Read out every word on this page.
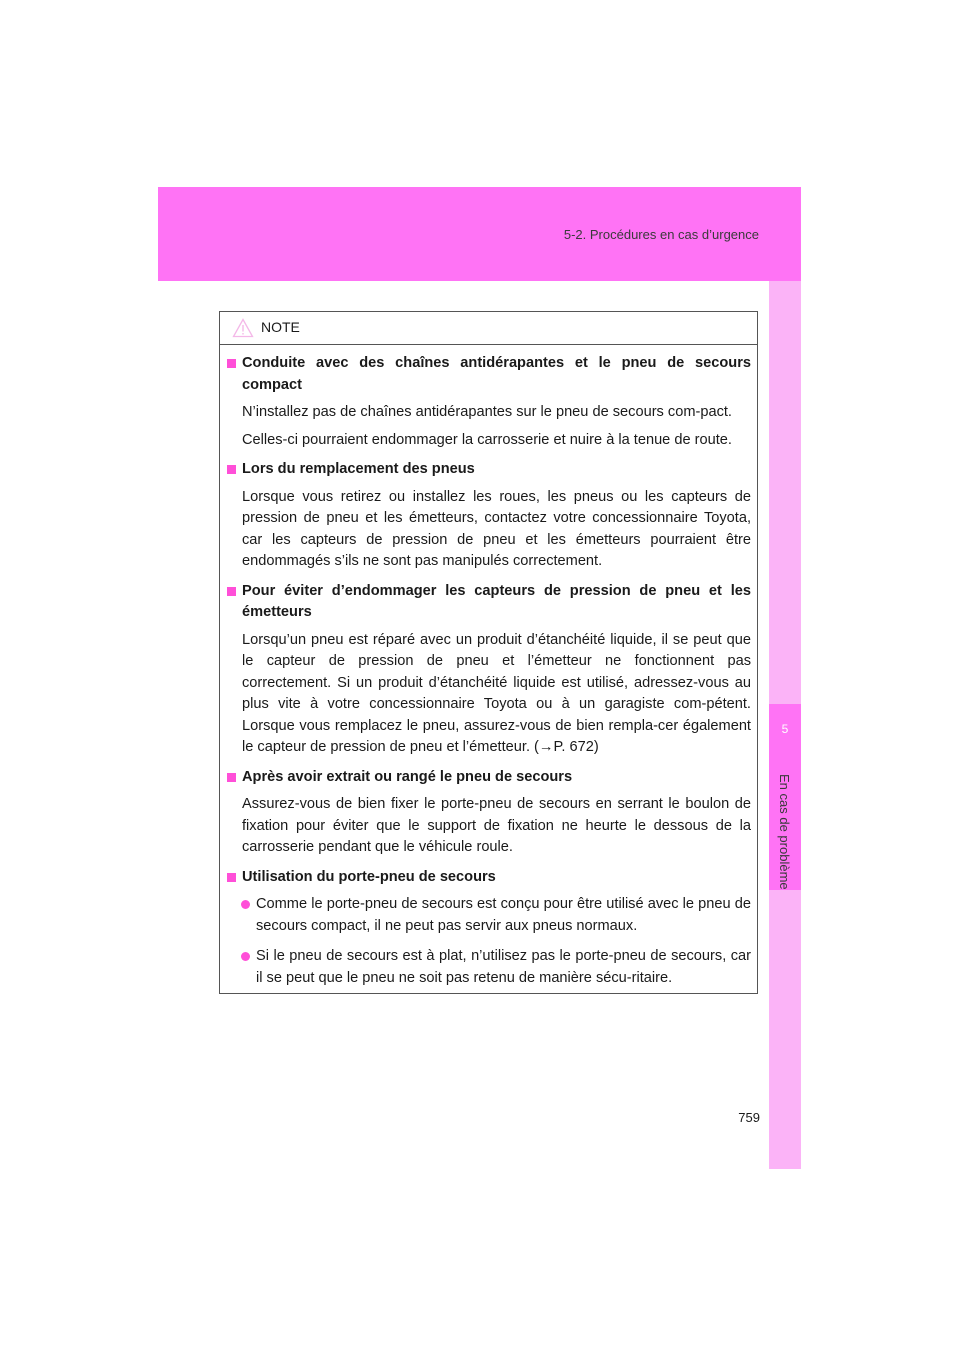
5-2. Procédures en cas d’urgence
5
En cas de problème
NOTE
Conduite avec des chaînes antidérapantes et le pneu de secours compact
N’installez pas de chaînes antidérapantes sur le pneu de secours com-pact.
Celles-ci pourraient endommager la carrosserie et nuire à la tenue de route.
Lors du remplacement des pneus
Lorsque vous retirez ou installez les roues, les pneus ou les capteurs de pression de pneu et les émetteurs, contactez votre concessionnaire Toyota, car les capteurs de pression de pneu et les émetteurs pourraient être endommagés s’ils ne sont pas manipulés correctement.
Pour éviter d’endommager les capteurs de pression de pneu et les émetteurs
Lorsqu’un pneu est réparé avec un produit d’étanchéité liquide, il se peut que le capteur de pression de pneu et l’émetteur ne fonctionnent pas correctement. Si un produit d’étanchéité liquide est utilisé, adressez-vous au plus vite à votre concessionnaire Toyota ou à un garagiste com-pétent. Lorsque vous remplacez le pneu, assurez-vous de bien rempla-cer également le capteur de pression de pneu et l’émetteur. (→P. 672)
Après avoir extrait ou rangé le pneu de secours
Assurez-vous de bien fixer le porte-pneu de secours en serrant le boulon de fixation pour éviter que le support de fixation ne heurte le dessous de la carrosserie pendant que le véhicule roule.
Utilisation du porte-pneu de secours
Comme le porte-pneu de secours est conçu pour être utilisé avec le pneu de secours compact, il ne peut pas servir aux pneus normaux.
Si le pneu de secours est à plat, n’utilisez pas le porte-pneu de secours, car il se peut que le pneu ne soit pas retenu de manière sécu-ritaire.
759
